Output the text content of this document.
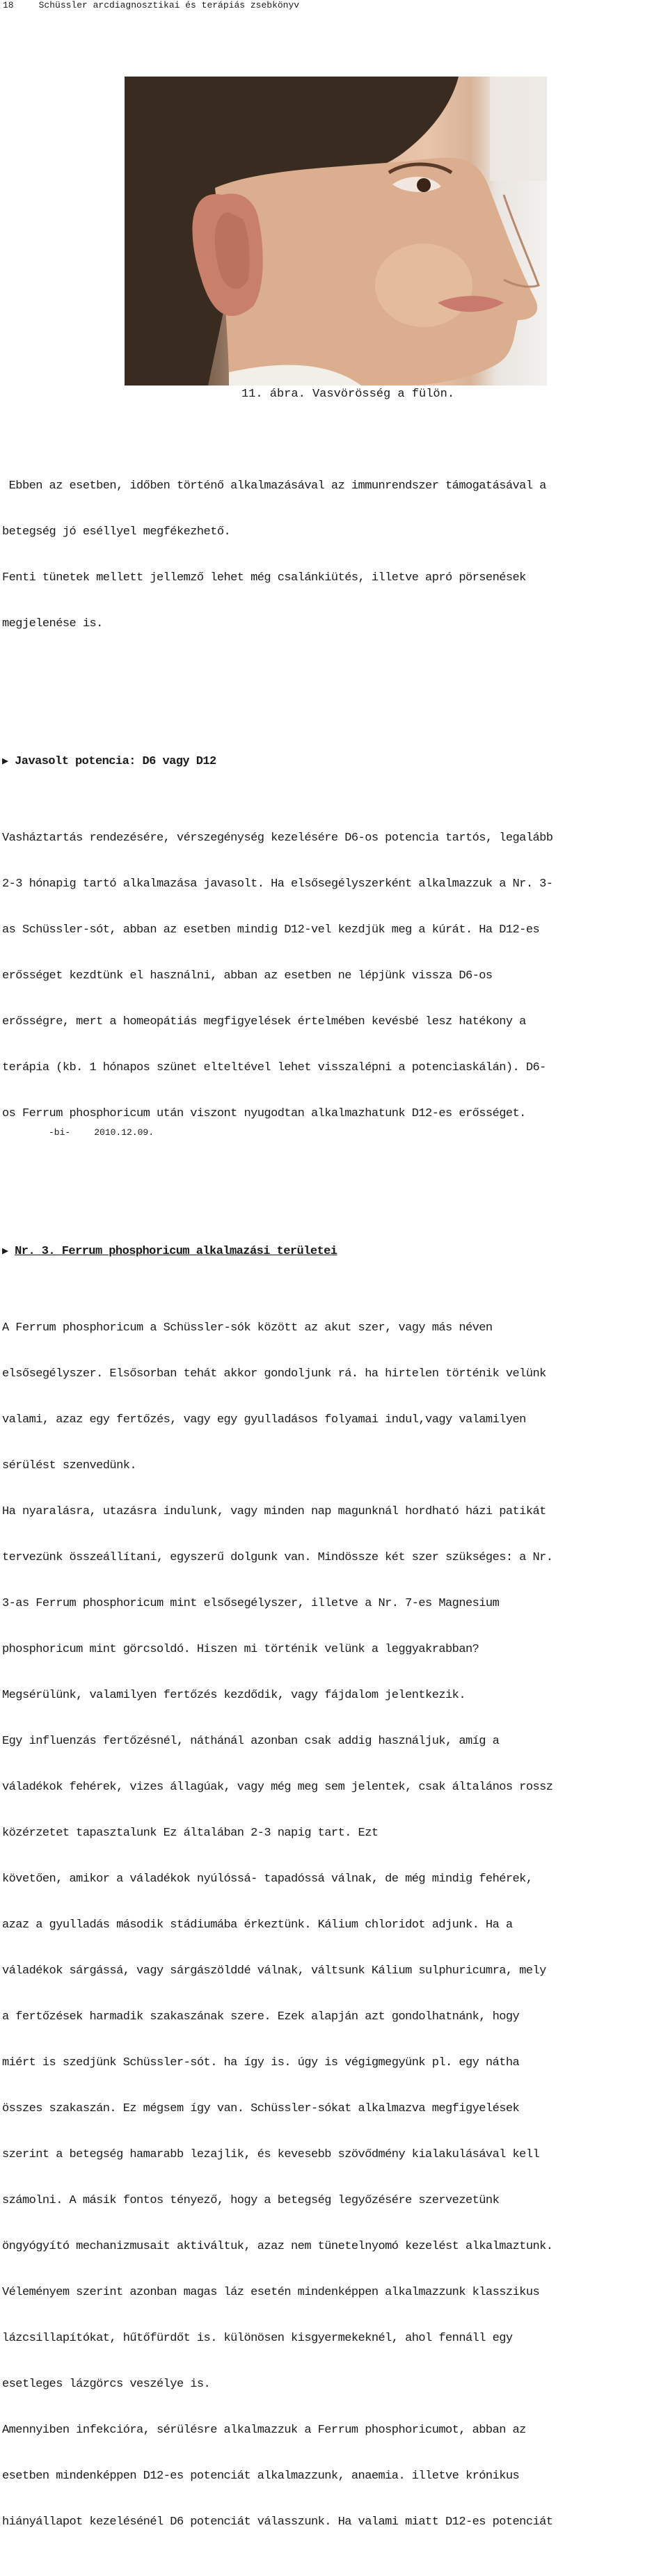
18	Schüssler arcdiagnosztikai és terápiás zsebkönyv
11. ábra. Vasvörösség a fülön.

Ebben az esetben, időben történő alkalmazásával az immunrendszer támogatásával a

betegség jó eséllyel megfékezhető.

Fenti tünetek mellett jellemző lehet még csalánkiütés, illetve apró pörsenések

megjelenése is.

▶ Javasolt potencia: D6 vagy D12

Vasháztartás rendezésére, vérszegénység kezelésére D6-os potencia tartós, legalább

2-3 hónapig tartó alkalmazása javasolt. Ha elsősegélyszerként alkalmazzuk a Nr. 3-

as Schüssler-sót, abban az esetben mindig D12-vel kezdjük meg a kúrát. Ha D12-es

erősséget kezdtünk el használni, abban az esetben ne lépjünk vissza D6-os

erősségre, mert a homeopátiás megfigyelések értelmében kevésbé lesz hatékony a

terápia (kb. 1 hónapos szünet elteltével lehet visszalépni a potenciaskálán). D6-

os Ferrum phosphoricum után viszont nyugodtan alkalmazhatunk D12-es erősséget.

▶ Nr. 3. Ferrum phosphoricum alkalmazási területei

A Ferrum phosphoricum a Schüssler-sók között az akut szer, vagy más néven

elsősegélyszer. Elsősorban tehát akkor gondoljunk rá. ha hirtelen történik velünk

valami, azaz egy fertőzés, vagy egy gyulladásos folyamai indul,vagy valamilyen

sérülést szenvedünk.

Ha nyaralásra, utazásra indulunk, vagy minden nap magunknál hordható házi patikát

tervezünk összeállítani, egyszerű dolgunk van. Mindössze két szer szükséges: a Nr.

3-as Ferrum phosphoricum mint elsősegélyszer, illetve a Nr. 7-es Magnesium

phosphoricum mint görcsoldó. Hiszen mi történik velünk a leggyakrabban?

Megsérülünk, valamilyen fertőzés kezdődik, vagy fájdalom jelentkezik.

Egy influenzás fertőzésnél, náthánál azonban csak addig használjuk, amíg a

váladékok fehérek, vizes állagúak, vagy még meg sem jelentek, csak általános rossz

közérzetet tapasztalunk Ez általában 2-3 napig tart. Ezt

követően, amikor a váladékok nyúlóssá- tapadóssá válnak, de még mindig fehérek,

azaz a gyulladás második stádiumába érkeztünk. Kálium chloridot adjunk. Ha a

váladékok sárgássá, vagy sárgászölddé válnak, váltsunk Kálium sulphuricumra, mely

a fertőzések harmadik szakaszának szere. Ezek alapján azt gondolhatnánk, hogy

miért is szedjünk Schüssler-sót. ha így is. úgy is végigmegyünk pl. egy nátha

összes szakaszán. Ez mégsem így van. Schüssler-sókat alkalmazva megfigyelések

szerint a betegség hamarabb lezajlik, és kevesebb szövődmény kialakulásával kell

számolni. A másik fontos tényező, hogy a betegség legyőzésére szervezetünk

öngyógyító mechanizmusait aktiváltuk, azaz nem tünetelnyomó kezelést alkalmaztunk.

Véleményem szerint azonban magas láz esetén mindenképpen alkalmazzunk klasszikus

lázcsillapítókat, hűtőfürdőt is. különösen kisgyermekeknél, ahol fennáll egy

esetleges lázgörcs veszélye is.

Amennyiben infekcióra, sérülésre alkalmazzuk a Ferrum phosphoricumot, abban az

esetben mindenképpen D12-es potenciát alkalmazzunk, anaemia. illetve krónikus

hiányállapot kezelésénél D6 potenciát válasszunk. Ha valami miatt D12-es potenciát

-bi-	2010.12.09.
